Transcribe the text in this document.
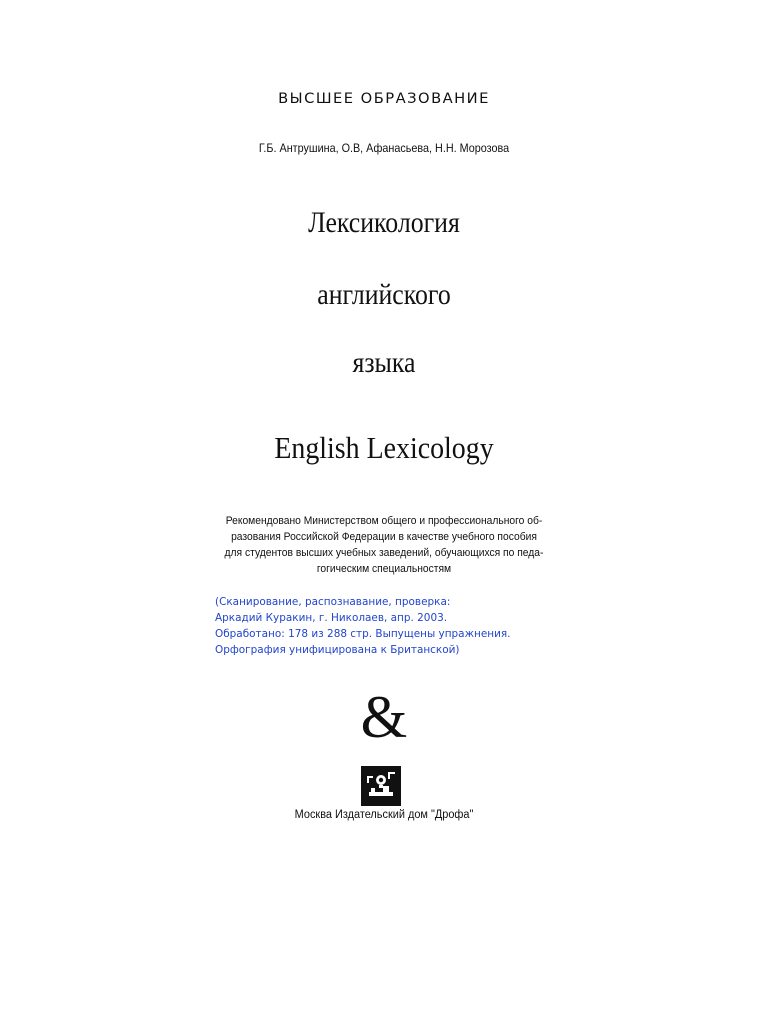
ВЫСШЕЕ ОБРАЗОВАНИЕ
Г.Б. Антрушина, О.В, Афанасьева, Н.Н. Морозова
Лексикология
английского
языка
English Lexicology
Рекомендовано Министерством общего и профессионального об-
разования Российской Федерации в качестве учебного пособия
для студентов высших учебных заведений, обучающихся по педа-
гогическим специальностям
(Сканирование, распознавание, проверка:
Аркадий Куракин, г. Николаев, апр. 2003.
Обработано: 178 из 288 стр. Выпущены упражнения.
Орфография унифицирована к Британской)
&
Москва Издательский дом "Дрофа"
